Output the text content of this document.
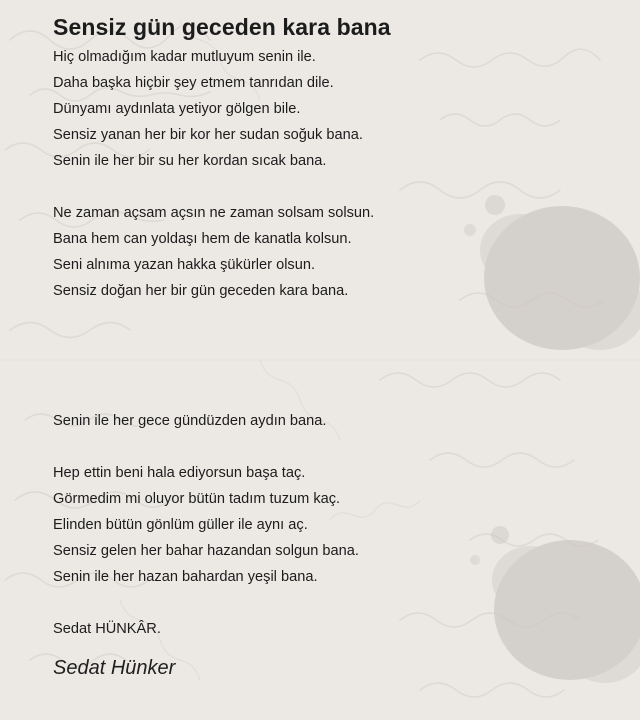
Sensiz gün geceden kara bana
Hiç olmadığım kadar mutluyum senin ile.
Daha başka hiçbir şey etmem tanrıdan dile.
Dünyamı aydınlata yetiyor gölgen bile.
Sensiz yanan her bir kor her sudan soğuk bana.
Senin ile her bir su her kordan sıcak bana.
Ne zaman açsam açsın ne zaman solsam solsun.
Bana hem can yoldaşı hem de kanatla kolsun.
Seni alnıma yazan hakka şükürler olsun.
Sensiz doğan her bir gün geceden kara bana.
Senin ile her gece gündüzden aydın bana.
Hep ettin beni hala ediyorsun başa taç.
Görmedim mi oluyor bütün tadım tuzum kaç.
Elinden bütün gönlüm güller ile aynı aç.
Sensiz gelen her bahar hazandan solgun bana.
Senin ile her hazan bahardan yeşil bana.
Sedat HÜNKÂR.
Sedat Hünker
